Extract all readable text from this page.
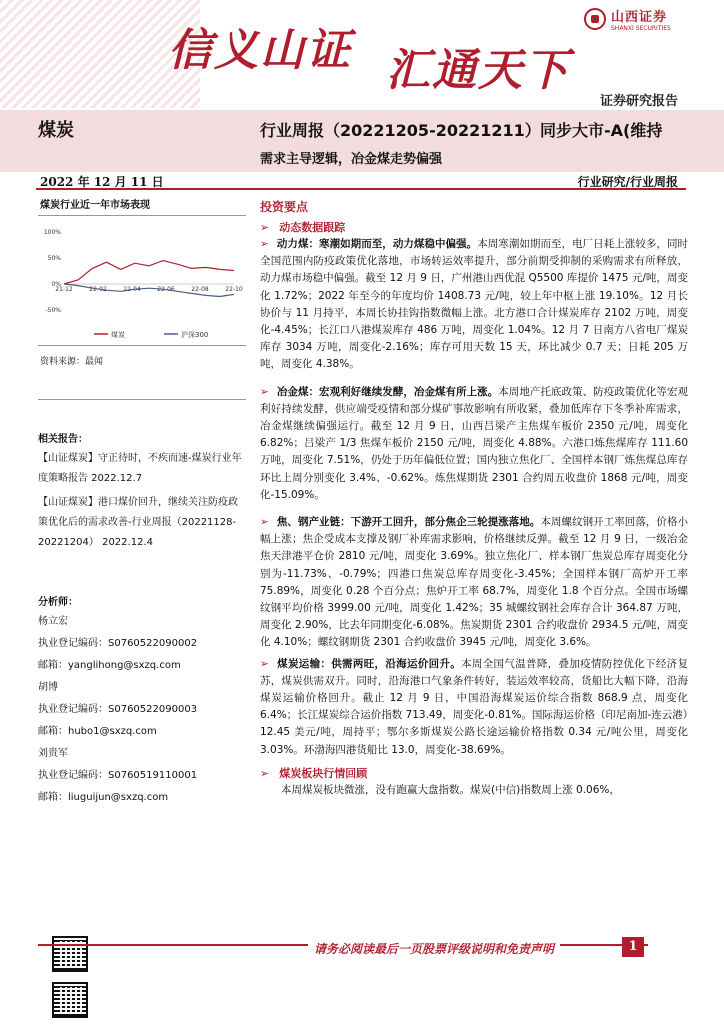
信义山证 汇通天下
山西证券
SHANXI SECURITIES
证券研究报告
煤炭	行业周报（20221205-20221211） 同步大市-A(维持
需求主导逻辑，冶金煤走势偏强
2022 年 12 月 11 日	行业研究/行业周报
煤炭行业近一年市场表现
100%
50%
0%
-50%
21-12	22-02	22-04	22-06	22-08	22-10
煤炭	沪深300
资料来源：最闻
相关报告：
【山证煤炭】守正待时，不疾而速-煤炭行业年度策略报告 2022.12.7
【山证煤炭】港口煤价回升，继续关注防疫政策优化后的需求改善-行业周报（20221128-20221204） 2022.12.4
分析师：
杨立宏
执业登记编码：S0760522090002
邮箱：yanglihong@sxzq.com
胡博
执业登记编码：S0760522090003
邮箱：hubo1@sxzq.com
刘贵军
执业登记编码：S0760519110001
邮箱：liuguijun@sxzq.com
投资要点
➢ 动态数据跟踪

➢ 动力煤：寒潮如期而至，动力煤稳中偏强。本周寒潮如期而至，电厂日耗上涨较多，同时全国范围内防疫政策优化落地，市场转运效率提升，部分前期受抑制的采购需求有所释放，动力煤市场稳中偏强。截至 12 月 9 日，广州港山西优混 Q5500 库提价 1475 元/吨，周变化 1.72%；2022 年至今的年度均价 1408.73 元/吨，较上年中枢上涨 19.10%。12 月长协价与 11 月持平，本周长协挂钩指数微幅上涨。北方港口合计煤炭库存 2102 万吨，周变化-4.45%；长江口八港煤炭库存 486 万吨，周变化 1.04%。12 月 7 日南方八省电厂煤炭库存 3034 万吨，周变化-2.16%；库存可用天数 15 天，环比减少 0.7 天；日耗 205 万吨，周变化 4.38%。

➢ 冶金煤：宏观利好继续发酵，冶金煤有所上涨。本周地产托底政策、防疫政策优化等宏观利好持续发酵，供应端受疫情和部分煤矿事故影响有所收紧，叠加低库存下冬季补库需求，冶金煤继续偏强运行。截至 12 月 9 日，山西吕梁产主焦煤车板价 2350 元/吨，周变化 6.82%；吕梁产 1/3 焦煤车板价 2150 元/吨，周变化 4.88%。六港口炼焦煤库存 111.60 万吨，周变化 7.51%，仍处于历年偏低位置；国内独立焦化厂、全国样本钢厂炼焦煤总库存环比上周分别变化 3.4%、-0.62%。炼焦煤期货 2301 合约周五收盘价 1868 元/吨，周变化-15.09%。

➢ 焦、钢产业链：下游开工回升，部分焦企三轮提涨落地。本周螺纹钢开工率回落，价格小幅上涨；焦企受成本支撑及钢厂补库需求影响，价格继续反弹。截至 12 月 9 日，一级冶金焦天津港平仓价 2810 元/吨，周变化 3.69%。独立焦化厂、样本钢厂焦炭总库存周变化分别为-11.73%、-0.79%；四港口焦炭总库存周变化-3.45%；全国样本钢厂高炉开工率 75.89%，周变化 0.28 个百分点；焦炉开工率 68.7%，周变化 1.8 个百分点。全国市场螺纹钢平均价格 3999.00 元/吨，周变化 1.42%；35 城螺纹钢社会库存合计 364.87 万吨，周变化 2.90%，比去年同期变化-6.08%。焦炭期货 2301 合约收盘价 2934.5 元/吨，周变化 4.10%；螺纹钢期货 2301 合约收盘价 3945 元/吨，周变化 3.6%。

➢ 煤炭运输：供需两旺，沿海运价回升。本周全国气温普降，叠加疫情防控优化下经济复苏，煤炭供需双升。同时，沿海港口气象条件转好，装运效率较高，货船比大幅下降，沿海煤炭运输价格回升。截止 12 月 9 日，中国沿海煤炭运价综合指数 868.9 点，周变化 6.4%；长江煤炭综合运价指数 713.49，周变化-0.81%。国际海运价格（印尼南加-连云港）12.45 美元/吨，周持平；鄂尔多斯煤炭公路长途运输价格指数 0.34 元/吨公里，周变化 3.03%。环渤海四港货船比 13.0，周变化-38.69%。

➢ 煤炭板块行情回顾

本周煤炭板块微涨，没有跑赢大盘指数。煤炭(中信)指数周上涨 0.06%，

请务必阅读最后一页股票评级说明和免责声明	1
